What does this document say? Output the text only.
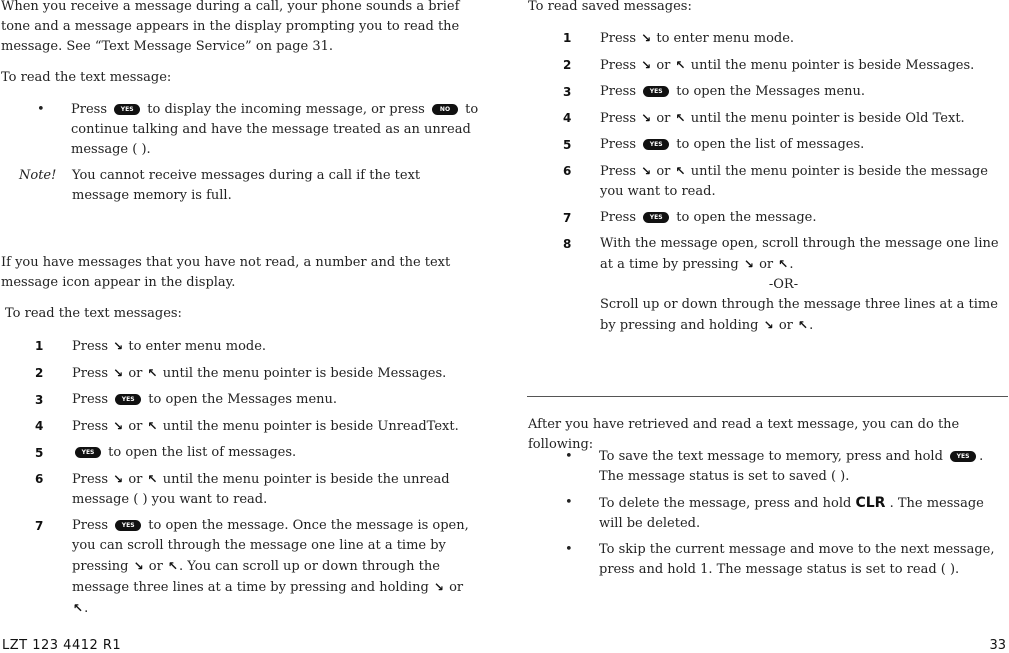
When you receive a message during a call, your phone sounds a brief tone and a message appears in the display prompting you to read the message. See “Text Message Service” on page 31.

To read the text message:
• Press YES to display the incoming message, or press	NO to continue talking and have the message treated as an unread message ( ).
Note! You cannot receive messages during a call if the text message memory is full.
If you have messages that you have not read, a number and the text message icon appear in the display.
To read the text messages:
1 Press ↘ to enter menu mode.
2 Press ↘ or ↖ until the menu pointer is beside Messages.
3 Press YES to open the Messages menu.
4 Press ↘ or ↖ until the menu pointer is beside UnreadText.
5	YES to open the list of messages.
6 Press ↘ or ↖ until the menu pointer is beside the unread message ( ) you want to read.
7 Press YES to open the message. Once the message is open, you can scroll through the message one line at a time by pressing ↘ or ↖. You can scroll up or down through the message three lines at a time by pressing and holding ↘ or ↖.
To read saved messages:
1 Press ↘ to enter menu mode.
2 Press ↘ or ↖ until the menu pointer is beside Messages.
3 Press YES to open the Messages menu.
4 Press ↘ or ↖ until the menu pointer is beside Old Text.
5 Press YES to open the list of messages.
6 Press ↘ or ↖ until the menu pointer is beside the message you want to read.
7 Press YES to open the message.
8 With the message open, scroll through the message one line at a time by pressing ↘ or ↖.
-OR-
Scroll up or down through the message three lines at a time by pressing and holding ↘ or ↖.
After you have retrieved and read a text message, you can do the following:
• To save the text message to memory, press and hold YES . The message status is set to saved ( ).
• To delete the message, press and hold CLR . The message will be deleted.
• To skip the current message and move to the next message, press and hold 1. The message status is set to read ( ).
LZT 123 4412 R1	33
